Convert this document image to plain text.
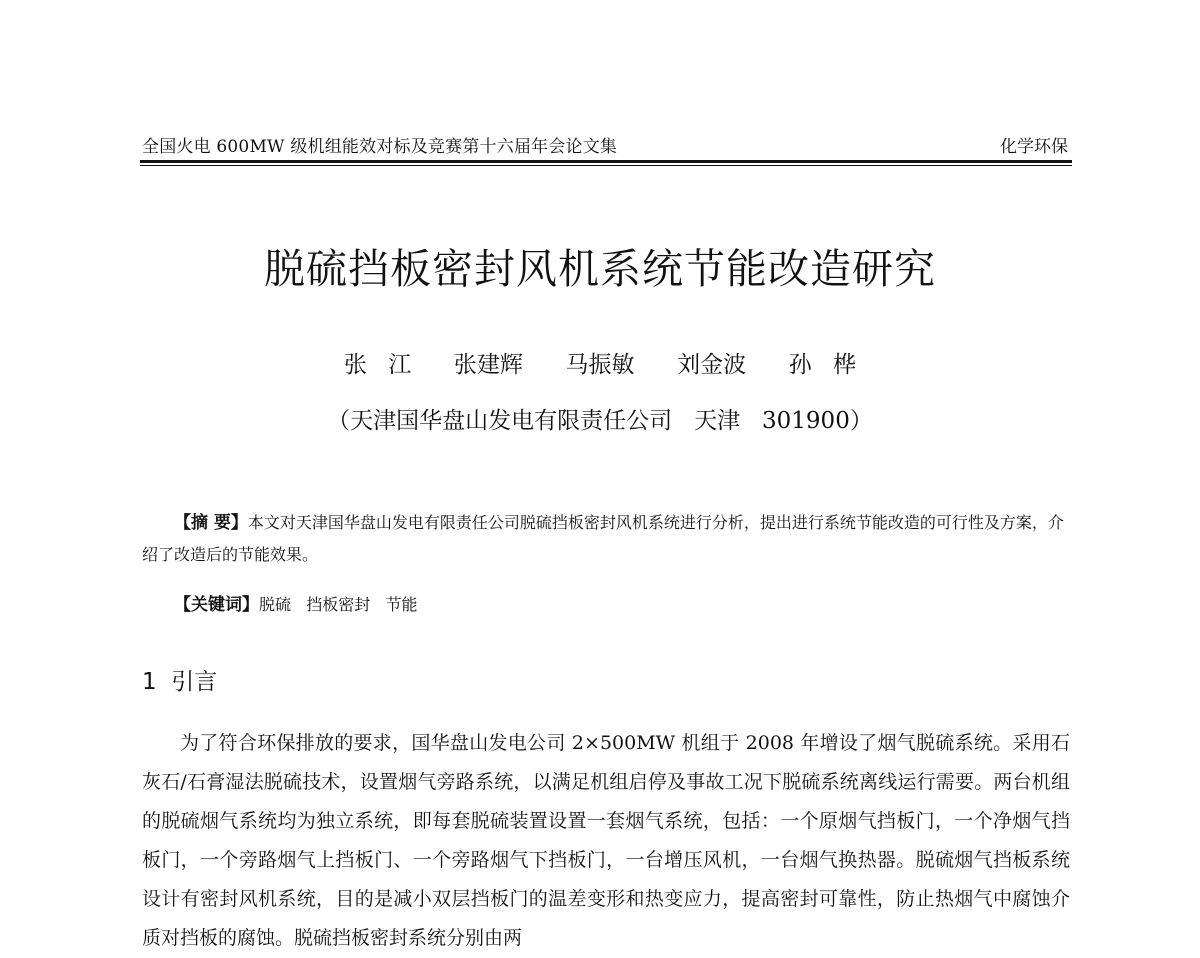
全国火电 600MW 级机组能效对标及竞赛第十六届年会论文集	化学环保
脱硫挡板密封风机系统节能改造研究
张 江  张建辉  马振敏  刘金波  孙 桦
（天津国华盘山发电有限责任公司   天津   301900）
【摘 要】本文对天津国华盘山发电有限责任公司脱硫挡板密封风机系统进行分析，提出进行系统节能改造的可行性及方案，介绍了改造后的节能效果。
【关键词】脱硫   挡板密封   节能
1  引言
为了符合环保排放的要求，国华盘山发电公司 2×500MW 机组于 2008 年增设了烟气脱硫系统。采用石灰石/石膏湿法脱硫技术，设置烟气旁路系统，以满足机组启停及事故工况下脱硫系统离线运行需要。两台机组的脱硫烟气系统均为独立系统，即每套脱硫装置设置一套烟气系统，包括：一个原烟气挡板门，一个净烟气挡板门，一个旁路烟气上挡板门、一个旁路烟气下挡板门，一台增压风机，一台烟气换热器。脱硫烟气挡板系统设计有密封风机系统，目的是减小双层挡板门的温差变形和热变应力，提高密封可靠性，防止热烟气中腐蚀介质对挡板的腐蚀。脱硫挡板密封系统分别由两
